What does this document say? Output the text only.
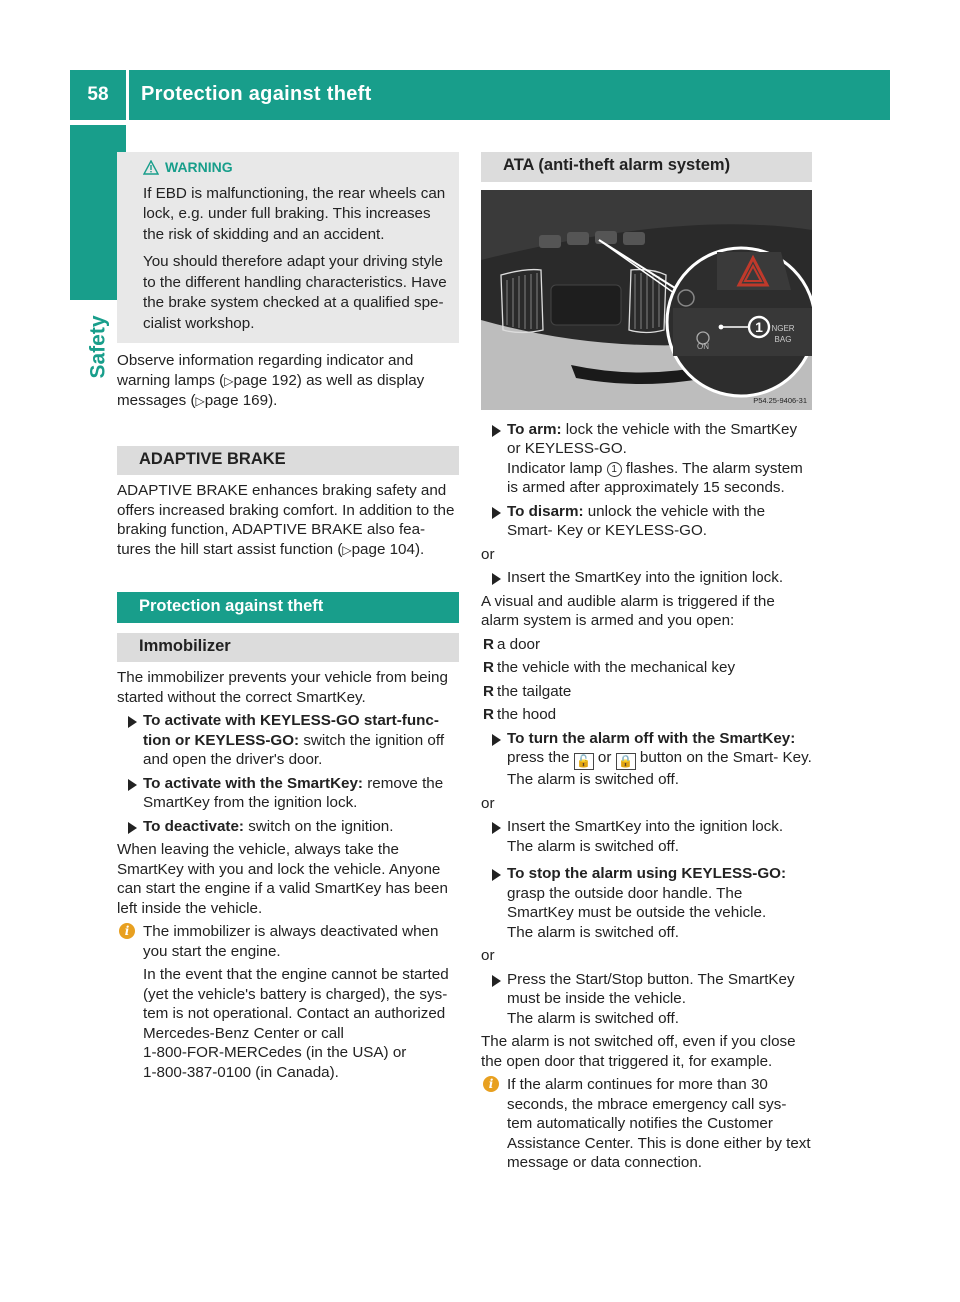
58	Protection against theft
Safety
WARNING

If EBD is malfunctioning, the rear wheels can lock, e.g. under full braking. This increases the risk of skidding and an accident.

You should therefore adapt your driving style to the different handling characteristics. Have the brake system checked at a qualified spe- cialist workshop.

Observe information regarding indicator and warning lamps (▷page 192) as well as display messages (▷page 169).

ADAPTIVE BRAKE

ADAPTIVE BRAKE enhances braking safety and offers increased braking comfort. In addition to the braking function, ADAPTIVE BRAKE also fea- tures the hill start assist function (▷page 104).

Protection against theft
Immobilizer

The immobilizer prevents your vehicle from being started without the correct SmartKey.

To activate with KEYLESS-GO start-func- tion or KEYLESS-GO: switch the ignition off and open the driver's door.
To activate with the SmartKey: remove the SmartKey from the ignition lock.
To deactivate: switch on the ignition.

When leaving the vehicle, always take the SmartKey with you and lock the vehicle. Anyone can start the engine if a valid SmartKey has been left inside the vehicle.

i The immobilizer is always deactivated when you start the engine.

In the event that the engine cannot be started (yet the vehicle's battery is charged), the sys- tem is not operational. Contact an authorized Mercedes-Benz Center or call

1-800-FOR-MERCedes (in the USA) or

1-800-387-0100 (in Canada).

ATA (anti-theft alarm system)
1
ON
NGER
BAG
P54.25-9406-31
To arm: lock the vehicle with the SmartKey or KEYLESS-GO.
Indicator lamp 1 flashes. The alarm system is armed after approximately 15 seconds.
To disarm: unlock the vehicle with the Smart- Key or KEYLESS-GO.

or

Insert the SmartKey into the ignition lock.

A visual and audible alarm is triggered if the alarm system is armed and you open:

R a door
R the vehicle with the mechanical key
R the tailgate
R the hood
To turn the alarm off with the SmartKey:
press the 🔓 or 🔒 button on the Smart- Key.
The alarm is switched off.

or

Insert the SmartKey into the ignition lock.
The alarm is switched off.
To stop the alarm using KEYLESS-GO:
grasp the outside door handle. The SmartKey must be outside the vehicle.
The alarm is switched off.

or

Press the Start/Stop button. The SmartKey must be inside the vehicle.
The alarm is switched off.

The alarm is not switched off, even if you close the open door that triggered it, for example.

i If the alarm continues for more than 30 seconds, the mbrace emergency call sys- tem automatically notifies the Customer Assistance Center. This is done either by text message or data connection.
